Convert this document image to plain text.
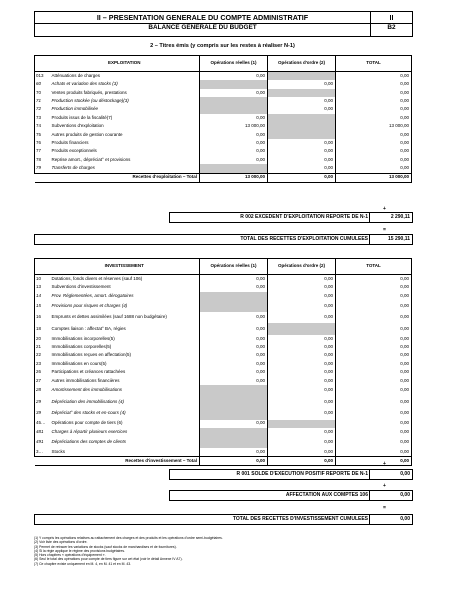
II – PRESENTATION GENERALE DU COMPTE ADMINISTRATIF
BALANCE GENERALE DU BUDGET
II
B2
2 – Titres émis (y compris sur les restes à réaliser N-1)
	EXPLOITATION	Opérations réelles (1)	Opérations d'ordre (2)	TOTAL
013	Atténuations de charges	0,00		0,00
60	Achats et variation des stocks (3)		0,00	0,00
70	Ventes produits fabriqués, prestations	0,00		0,00
71	Production stockée (ou déstockage)(3)		0,00	0,00
72	Production immobilisée		0,00	0,00
73	Produits issus de la fiscalité(7)	0,00		0,00
74	Subventions d'exploitation	13 000,00		13 000,00
75	Autres produits de gestion courante	0,00		0,00
76	Produits financiers	0,00	0,00	0,00
77	Produits exceptionnels	0,00	0,00	0,00
78	Reprise amort., dépréciat° et provisions	0,00	0,00	0,00
79	Transferts de charges		0,00	0,00
Recettes d'exploitation – Total		13 000,00	0,00	13 000,00
+
R 002 EXCEDENT D'EXPLOITATION REPORTE DE N-1	2 290,11
=
TOTAL DES RECETTES D'EXPLOITATION CUMULEES	15 290,11
	INVESTISSEMENT	Opérations réelles (1)	Opérations d'ordre (2)	TOTAL
10	Dotations, fonds divers et réserves (sauf 106)	0,00	0,00	0,00
13	Subventions d'investissement	0,00	0,00	0,00
14	Prov. Réglementées, amort. dérogatoires		0,00	0,00
15	Provisions pour risques et charges (4)		0,00	0,00
16	Emprunts et dettes assimilées (sauf 1688 non budgétaire)	0,00	0,00	0,00
18	Comptes liaison : affectat° BA, régies	0,00		0,00
20	Immobilisations incorporelles(5)	0,00	0,00	0,00
21	Immobilisations corporelles(5)	0,00	0,00	0,00
22	Immobilisations reçues en affectation(5)	0,00	0,00	0,00
23	Immobilisations en cours(5)	0,00	0,00	0,00
26	Participations et créances rattachées	0,00	0,00	0,00
27	Autres immobilisations financières	0,00	0,00	0,00
28	Amortissement des immobilisations		0,00	0,00
29	Dépréciation des immobilisations (4)		0,00	0,00
39	Dépréciat° des stocks et en-cours (4)		0,00	0,00
45…	Opérations pour compte de tiers (6)	0,00		0,00
481	Charges à répartir plusieurs exercices		0,00	0,00
491	Dépréciations des comptes de clients		0,00	0,00
3…	Stocks	0,00	0,00	0,00
Recettes d'investissement – Total		0,00	0,00	0,00
+
R 001 SOLDE D'EXECUTION POSITIF REPORTE DE N-1	0,00
+
AFFECTATION AUX COMPTES 106	0,00
=
TOTAL DES RECETTES D'INVESTISSEMENT CUMULEES	0,00
(1) Y compris les opérations relatives au rattachement des charges et des produits et les opérations d'ordre semi-budgétaires.
(2) Voir liste des opérations d'ordre.
(3) Permet de retracer les variations de stocks (sauf stocks de marchandises et de fournitures).
(4) Si la régie applique le régime des provisions budgétaires.
(5) Hors chapitres « opérations d'équipement ».
(6) Seul le total des opérations pour compte de tiers figure sur cet état (voir le détail Annexe IV A7).
(7) Ce chapitre existe uniquement en M. 4, en M. 41 et en M. 43.
